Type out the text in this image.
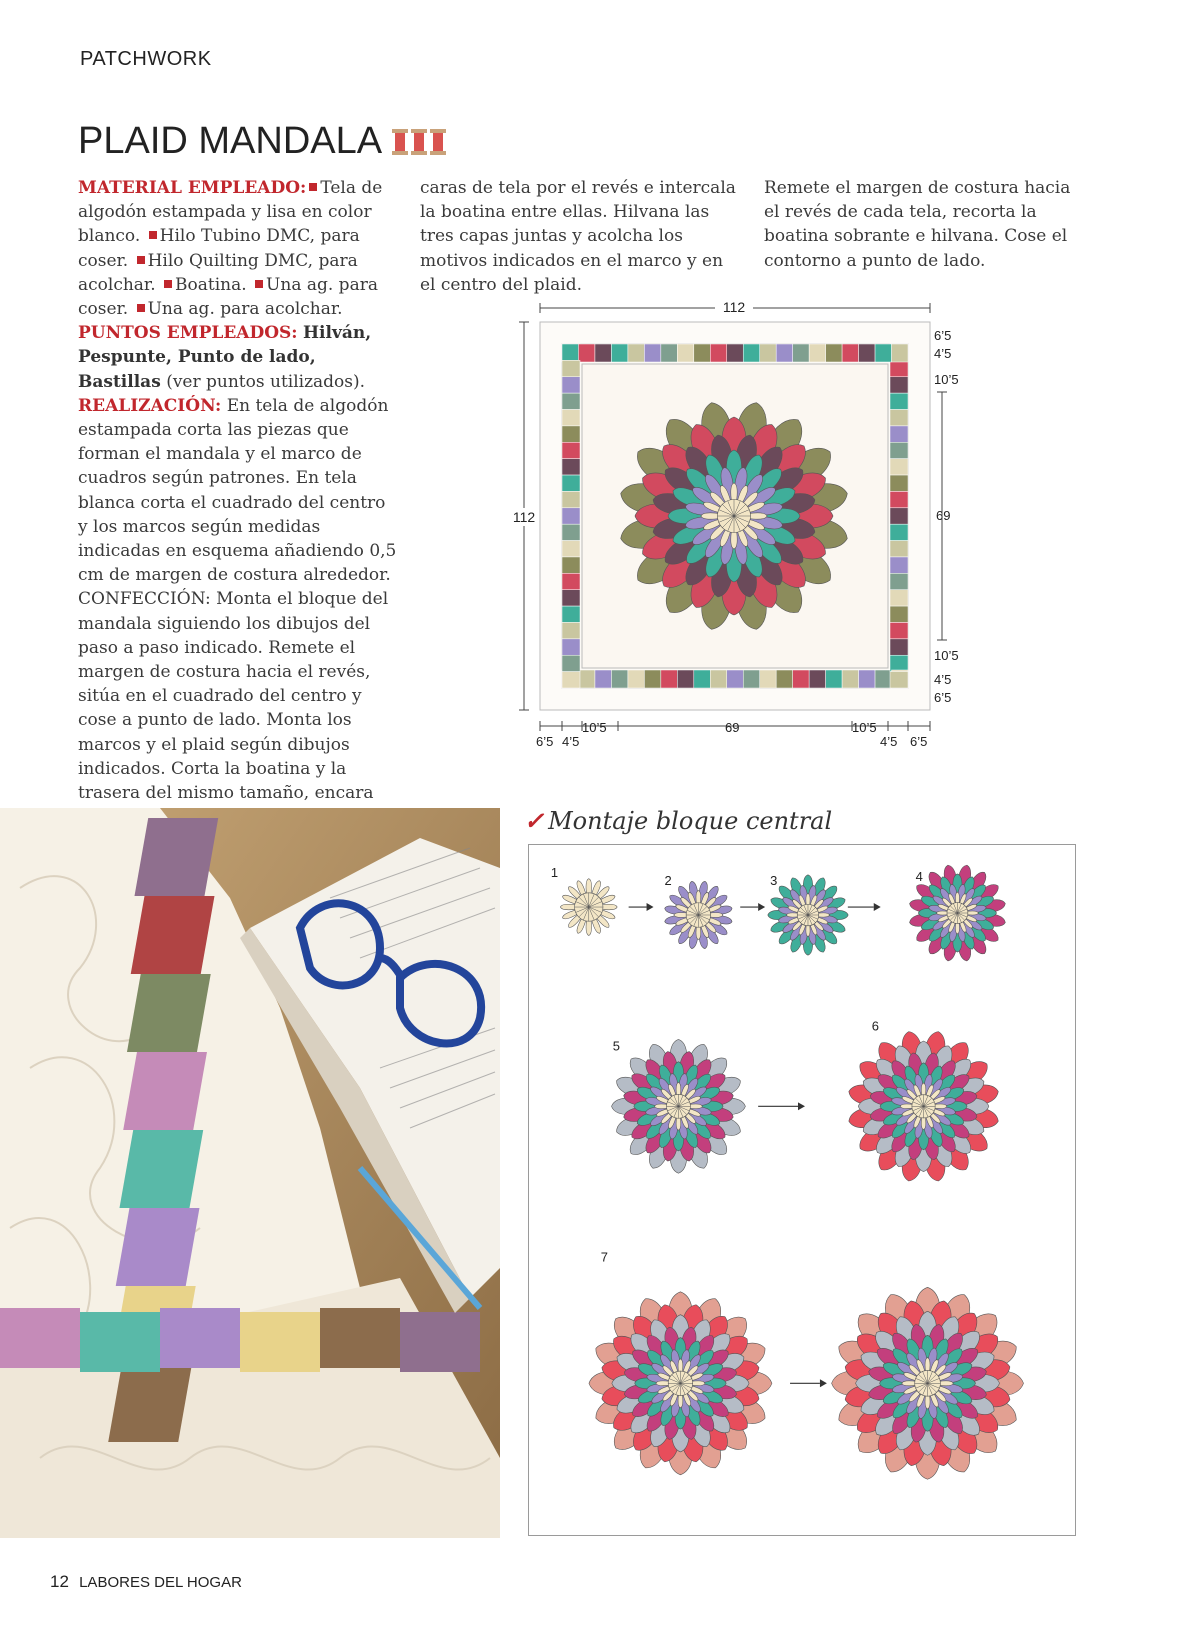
PATCHWORK
PLAID MANDALA

MATERIAL EMPLEADO: Tela de algodón estampada y lisa en color blanco. Hilo Tubino DMC, para coser. Hilo Quilting DMC, para acolchar. Boatina. Una ag. para coser. Una ag. para acolchar.

PUNTOS EMPLEADOS: Hilván, Pespunte, Punto de lado, Bastillas (ver puntos utilizados).

REALIZACIÓN: En tela de algodón estampada corta las piezas que forman el mandala y el marco de cuadros según patrones. En tela blanca corta el cuadrado del centro y los marcos según medidas indicadas en esquema añadiendo 0,5 cm de margen de costura alrededor. CONFECCIÓN: Monta el bloque del mandala siguiendo los dibujos del paso a paso indicado. Remete el margen de costura hacia el revés, sitúa en el cuadrado del centro y cose a punto de lado. Monta los marcos y el plaid según dibujos indicados. Corta la boatina y la trasera del mismo tamaño, encara

caras de tela por el revés e intercala la boatina entre ellas. Hilvana las tres capas juntas y acolcha los motivos indicados en el marco y en el centro del plaid.

Remete el margen de costura hacia el revés de cada tela, recorta la boatina sobrante e hilvana. Cose el contorno a punto de lado.

112
112
6’5
4’5
10’5
69
10’5
4’5
6’5
6’5 4’5
10’5	69	10’5
4’5 6’5
✓ Montaje bloque central
1
2	3	4
5
6
7
12 LABORES DEL HOGAR
